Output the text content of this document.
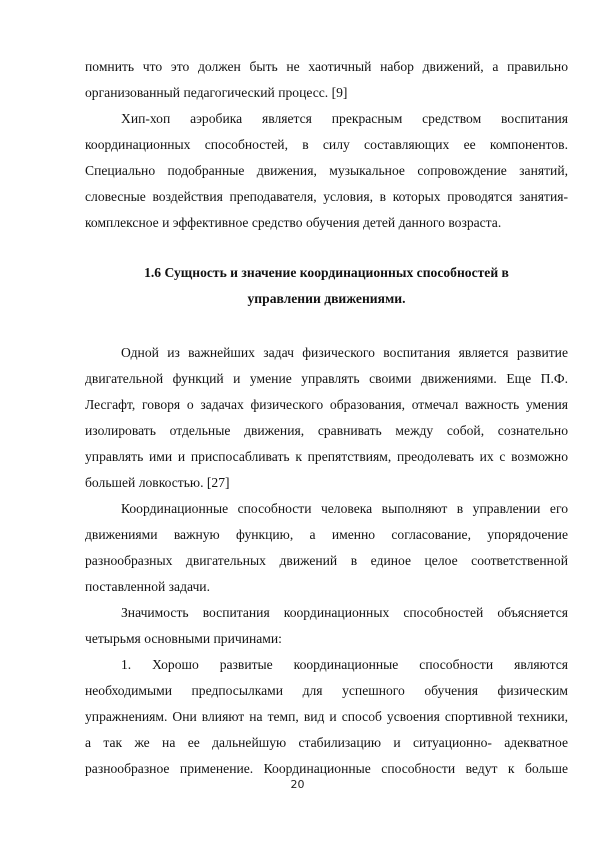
помнить что это должен быть не хаотичный набор движений, а правильно
организованный педагогический процесс. [9]
Хип-хоп аэробика является прекрасным средством воспитания
координационных способностей, в силу составляющих ее компонентов.
Специально подобранные движения, музыкальное сопровождение занятий,
словесные воздействия преподавателя, условия, в которых проводятся занятия-
комплексное и эффективное средство обучения детей данного возраста.
1.6 Сущность и значение координационных способностей в
управлении движениями.
Одной из важнейших задач физического воспитания является развитие
двигательной функций и умение управлять своими движениями. Еще П.Ф.
Лесгафт, говоря о задачах физического образования, отмечал важность умения
изолировать отдельные движения, сравнивать между собой, сознательно
управлять ими и приспосабливать к препятствиям, преодолевать их с возможно
большей ловкостью. [27]
Координационные способности человека выполняют в управлении его
движениями важную функцию, а именно согласование, упорядочение
разнообразных двигательных движений в единое целое соответственной
поставленной задачи.
Значимость воспитания координационных способностей объясняется
четырьмя основными причинами:
1. Хорошо развитые координационные способности являются
необходимыми предпосылками для успешного обучения физическим
упражнениям. Они влияют на темп, вид и способ усвоения спортивной техники,
а так же на ее дальнейшую стабилизацию и ситуационно- адекватное
разнообразное применение. Координационные способности ведут к больше
20
